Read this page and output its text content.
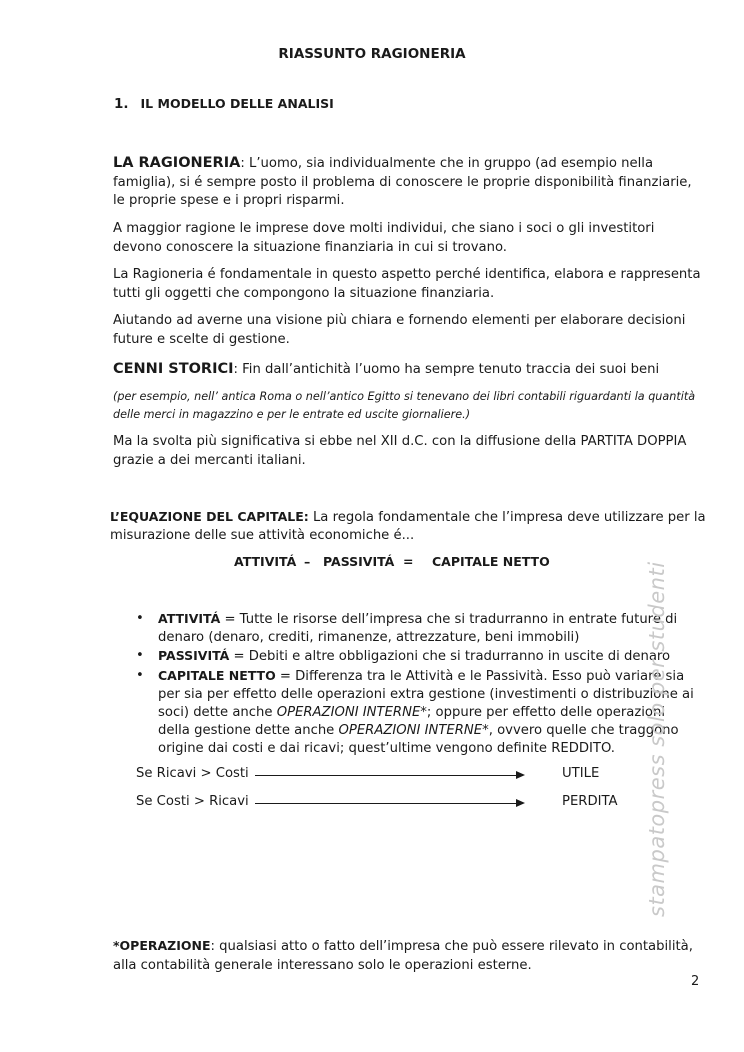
RIASSUNTO RAGIONERIA
1. IL MODELLO DELLE ANALISI

LA RAGIONERIA: L’uomo, sia individualmente che in gruppo (ad esempio nella famiglia), si é sempre posto il problema di conoscere le proprie disponibilità finanziarie, le proprie spese e i propri risparmi.

A maggior ragione le imprese dove molti individui, che siano i soci o gli investitori devono conoscere la situazione finanziaria in cui si trovano.

La Ragioneria é fondamentale in questo aspetto perché identifica, elabora e rappresenta tutti gli oggetti che compongono la situazione finanziaria.

Aiutando ad averne una visione più chiara e fornendo elementi per elaborare decisioni future e scelte di gestione.

CENNI STORICI: Fin dall’antichità l’uomo ha sempre tenuto traccia dei suoi beni

(per esempio, nell’ antica Roma o nell’antico Egitto si tenevano dei libri contabili riguardanti la quantità delle merci in magazzino e per le entrate ed uscite giornaliere.)

Ma la svolta più significativa si ebbe nel XII d.C. con la diffusione della PARTITA DOPPIA grazie a dei mercanti italiani.

L’EQUAZIONE DEL CAPITALE: La regola fondamentale che l’impresa deve utilizzare per la misurazione delle sue attività economiche é...

ATTIVITÁ – PASSIVITÁ = CAPITALE NETTO
• ATTIVITÁ = Tutte le risorse dell’impresa che si tradurranno in entrate future di denaro (denaro, crediti, rimanenze, attrezzature, beni immobili)
• PASSIVITÁ = Debiti e altre obbligazioni che si tradurranno in uscite di denaro
• CAPITALE NETTO = Differenza tra le Attività e le Passività. Esso può variare sia per sia per effetto delle operazioni extra gestione (investimenti o distribuzione ai soci) dette anche OPERAZIONI INTERNE*; oppure per effetto delle operazioni della gestione dette anche OPERAZIONI INTERNE*, ovvero quelle che traggono origine dai costi e dai ricavi; quest’ultime vengono definite REDDITO.
Se Ricavi > Costi	UTILE
Se Costi > Ricavi	PERDITA stampatopress solo per studenti

*OPERAZIONE: qualsiasi atto o fatto dell’impresa che può essere rilevato in contabilità, alla contabilità generale interessano solo le operazioni esterne.

2
